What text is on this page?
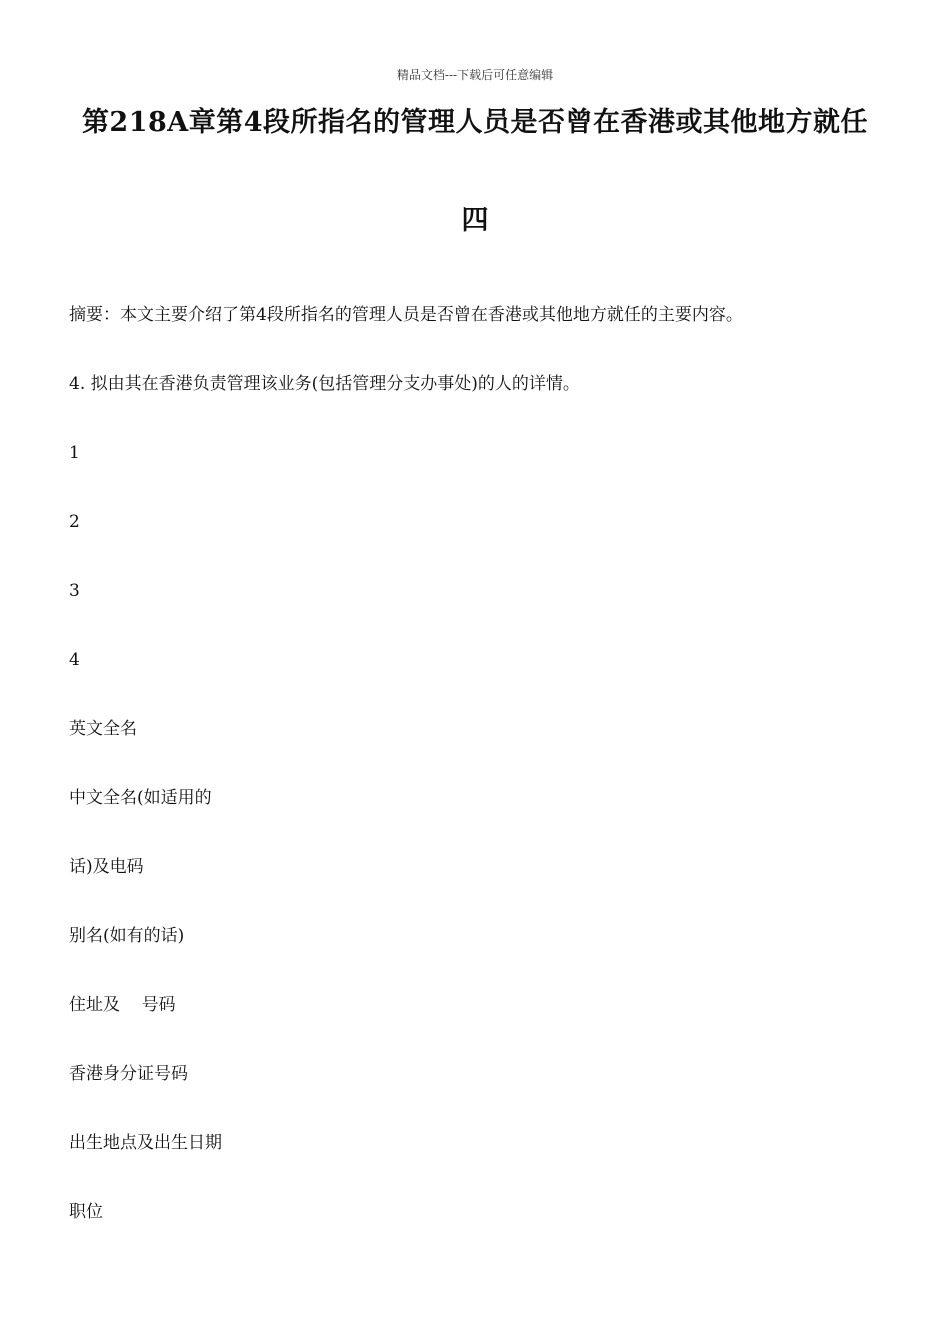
精品文档---下载后可任意编辑
第218A章第4段所指名的管理人员是否曾在香港或其他地方就任
四
摘要：本文主要介绍了第4段所指名的管理人员是否曾在香港或其他地方就任的主要内容。
4. 拟由其在香港负责管理该业务(包括管理分支办事处)的人的详情。
1
2
3
4
英文全名
中文全名(如适用的
话)及电码
别名(如有的话)
住址及    号码
香港身分证号码
出生地点及出生日期
职位
